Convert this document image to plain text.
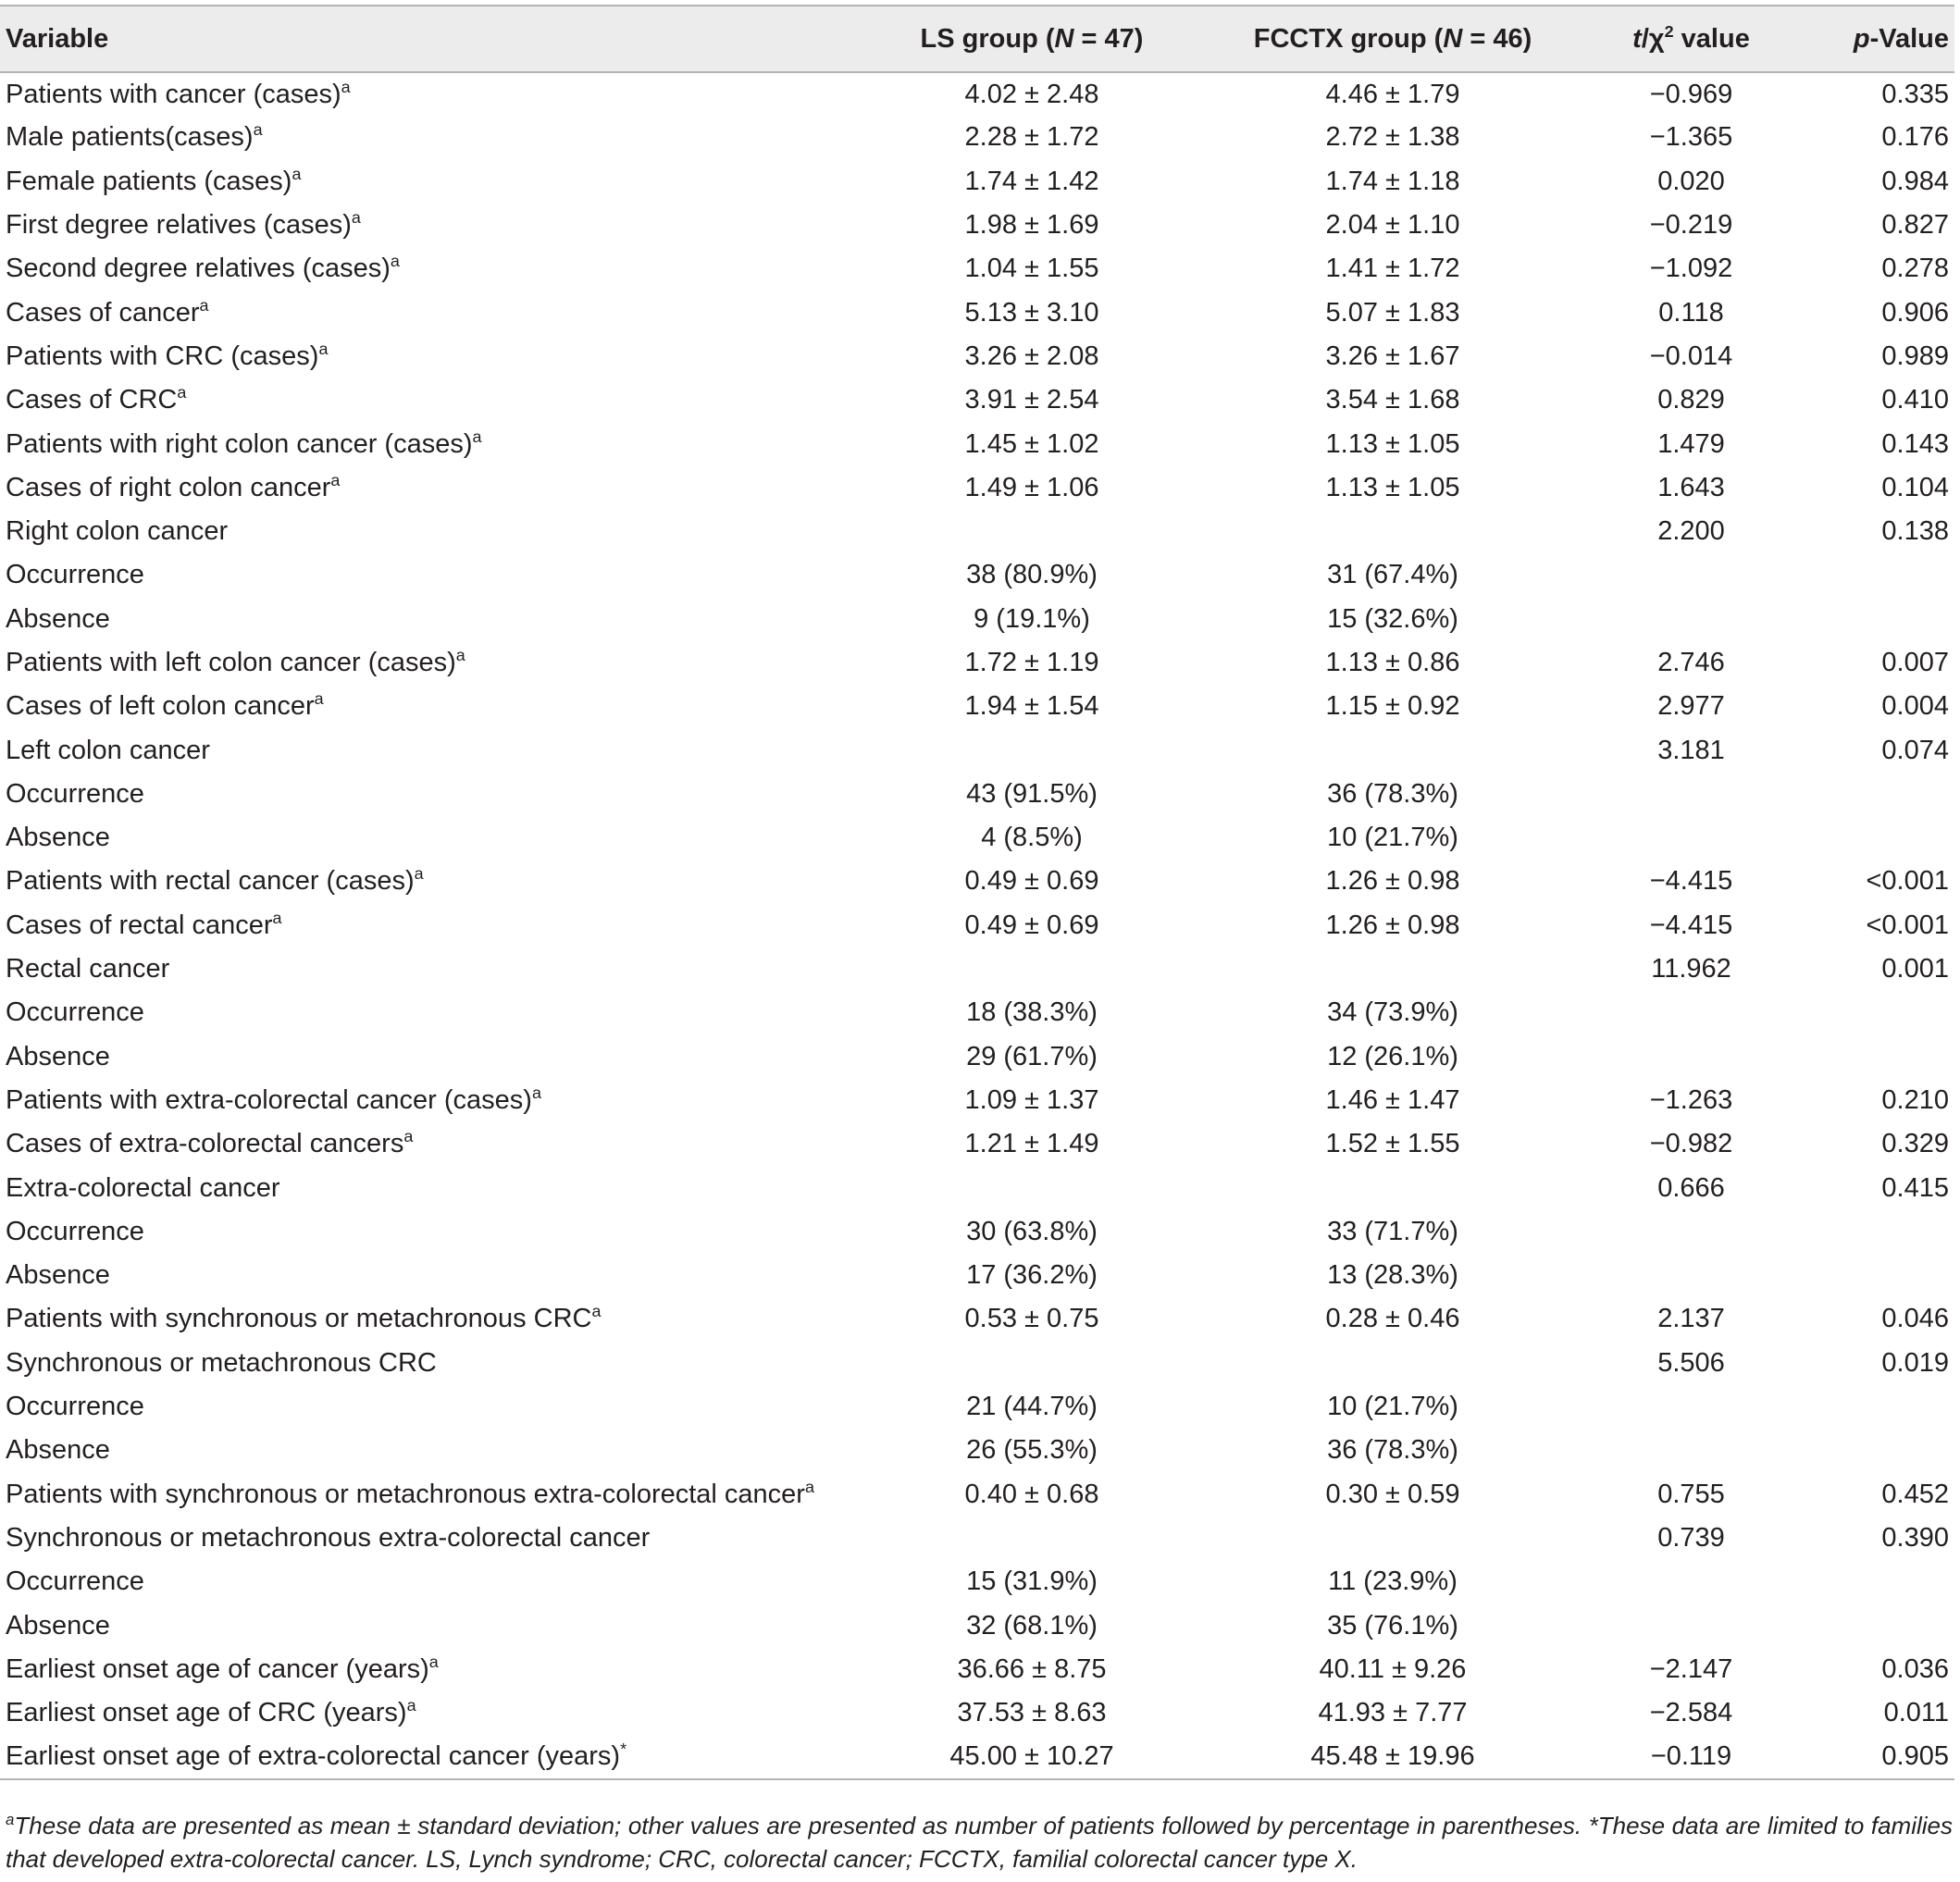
Variable	LS group (N = 47)	FCCTX group (N = 46)	$t/\chi^2$ value	p-Value
Patients with cancer (cases)$^a$	4.02 ± 2.48	4.46 ± 1.79	−0.969	0.335
Male patients(cases)$^a$	2.28 ± 1.72	2.72 ± 1.38	−1.365	0.176
Female patients (cases)$^a$	1.74 ± 1.42	1.74 ± 1.18	0.020	0.984
First degree relatives (cases)$^a$	1.98 ± 1.69	2.04 ± 1.10	−0.219	0.827
Second degree relatives (cases)$^a$	1.04 ± 1.55	1.41 ± 1.72	−1.092	0.278
Cases of cancer$^a$	5.13 ± 3.10	5.07 ± 1.83	0.118	0.906
Patients with CRC (cases)$^a$	3.26 ± 2.08	3.26 ± 1.67	−0.014	0.989
Cases of CRC$^a$	3.91 ± 2.54	3.54 ± 1.68	0.829	0.410
Patients with right colon cancer (cases)$^a$	1.45 ± 1.02	1.13 ± 1.05	1.479	0.143
Cases of right colon cancer$^a$	1.49 ± 1.06	1.13 ± 1.05	1.643	0.104
Right colon cancer			2.200	0.138
Occurrence	38 (80.9%)	31 (67.4%)		
Absence	9 (19.1%)	15 (32.6%)		
Patients with left colon cancer (cases)$^a$	1.72 ± 1.19	1.13 ± 0.86	2.746	0.007
Cases of left colon cancer$^a$	1.94 ± 1.54	1.15 ± 0.92	2.977	0.004
Left colon cancer			3.181	0.074
Occurrence	43 (91.5%)	36 (78.3%)		
Absence	4 (8.5%)	10 (21.7%)		
Patients with rectal cancer (cases)$^a$	0.49 ± 0.69	1.26 ± 0.98	−4.415	<0.001
Cases of rectal cancer$^a$	0.49 ± 0.69	1.26 ± 0.98	−4.415	<0.001
Rectal cancer			11.962	0.001
Occurrence	18 (38.3%)	34 (73.9%)		
Absence	29 (61.7%)	12 (26.1%)		
Patients with extra-colorectal cancer (cases)$^a$	1.09 ± 1.37	1.46 ± 1.47	−1.263	0.210
Cases of extra-colorectal cancers$^a$	1.21 ± 1.49	1.52 ± 1.55	−0.982	0.329
Extra-colorectal cancer			0.666	0.415
Occurrence	30 (63.8%)	33 (71.7%)		
Absence	17 (36.2%)	13 (28.3%)		
Patients with synchronous or metachronous CRC$^a$	0.53 ± 0.75	0.28 ± 0.46	2.137	0.046
Synchronous or metachronous CRC			5.506	0.019
Occurrence	21 (44.7%)	10 (21.7%)		
Absence	26 (55.3%)	36 (78.3%)		
Patients with synchronous or metachronous extra-colorectal cancer$^a$	0.40 ± 0.68	0.30 ± 0.59	0.755	0.452
Synchronous or metachronous extra-colorectal cancer			0.739	0.390
Occurrence	15 (31.9%)	11 (23.9%)		
Absence	32 (68.1%)	35 (76.1%)		
Earliest onset age of cancer (years)$^a$	36.66 ± 8.75	40.11 ± 9.26	−2.147	0.036
Earliest onset age of CRC (years)$^a$	37.53 ± 8.63	41.93 ± 7.77	−2.584	0.011
Earliest onset age of extra-colorectal cancer (years)*	45.00 ± 10.27	45.48 ± 19.96	−0.119	0.905
$^a$These data are presented as mean ± standard deviation; other values are presented as number of patients followed by percentage in parentheses. *These data are limited to families that developed extra-colorectal cancer. LS, Lynch syndrome; CRC, colorectal cancer; FCCTX, familial colorectal cancer type X.
